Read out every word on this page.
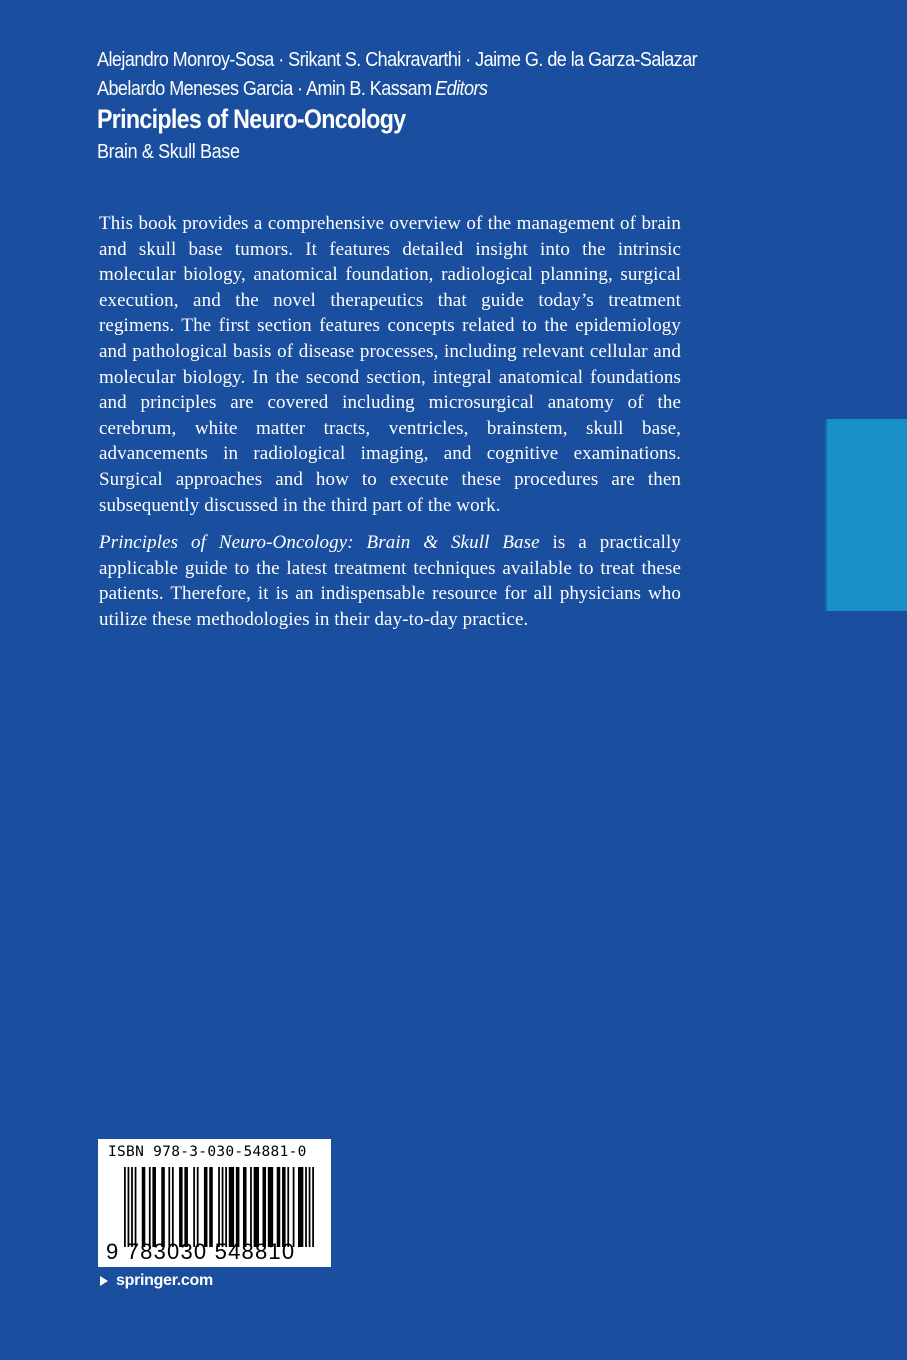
Alejandro Monroy-Sosa · Srikant S. Chakravarthi · Jaime G. de la Garza-Salazar
Abelardo Meneses Garcia · Amin B. Kassam Editors
Principles of Neuro-Oncology
Brain & Skull Base

This book provides a comprehensive overview of the management of brain and skull base tumors. It features detailed insight into the intrinsic molecular biology, anatomical foundation, radiological planning, surgical execution, and the novel therapeutics that guide today’s treatment regimens. The first section features concepts related to the epidemiology and pathological basis of disease processes, including relevant cellular and molecular biology. In the second section, integral anatomical foundations and principles are covered including microsurgical anatomy of the cerebrum, white matter tracts, ventricles, brainstem, skull base, advancements in radiological imaging, and cognitive examinations. Surgical approaches and how to execute these procedures are then subsequently discussed in the third part of the work.

Principles of Neuro-Oncology: Brain & Skull Base is a practically applicable guide to the latest treatment techniques available to treat these patients. Therefore, it is an indispensable resource for all physicians who utilize these methodologies in their day-to-day practice.

ISBN 978-3-030-54881-0
9 783030 548810
springer.com
